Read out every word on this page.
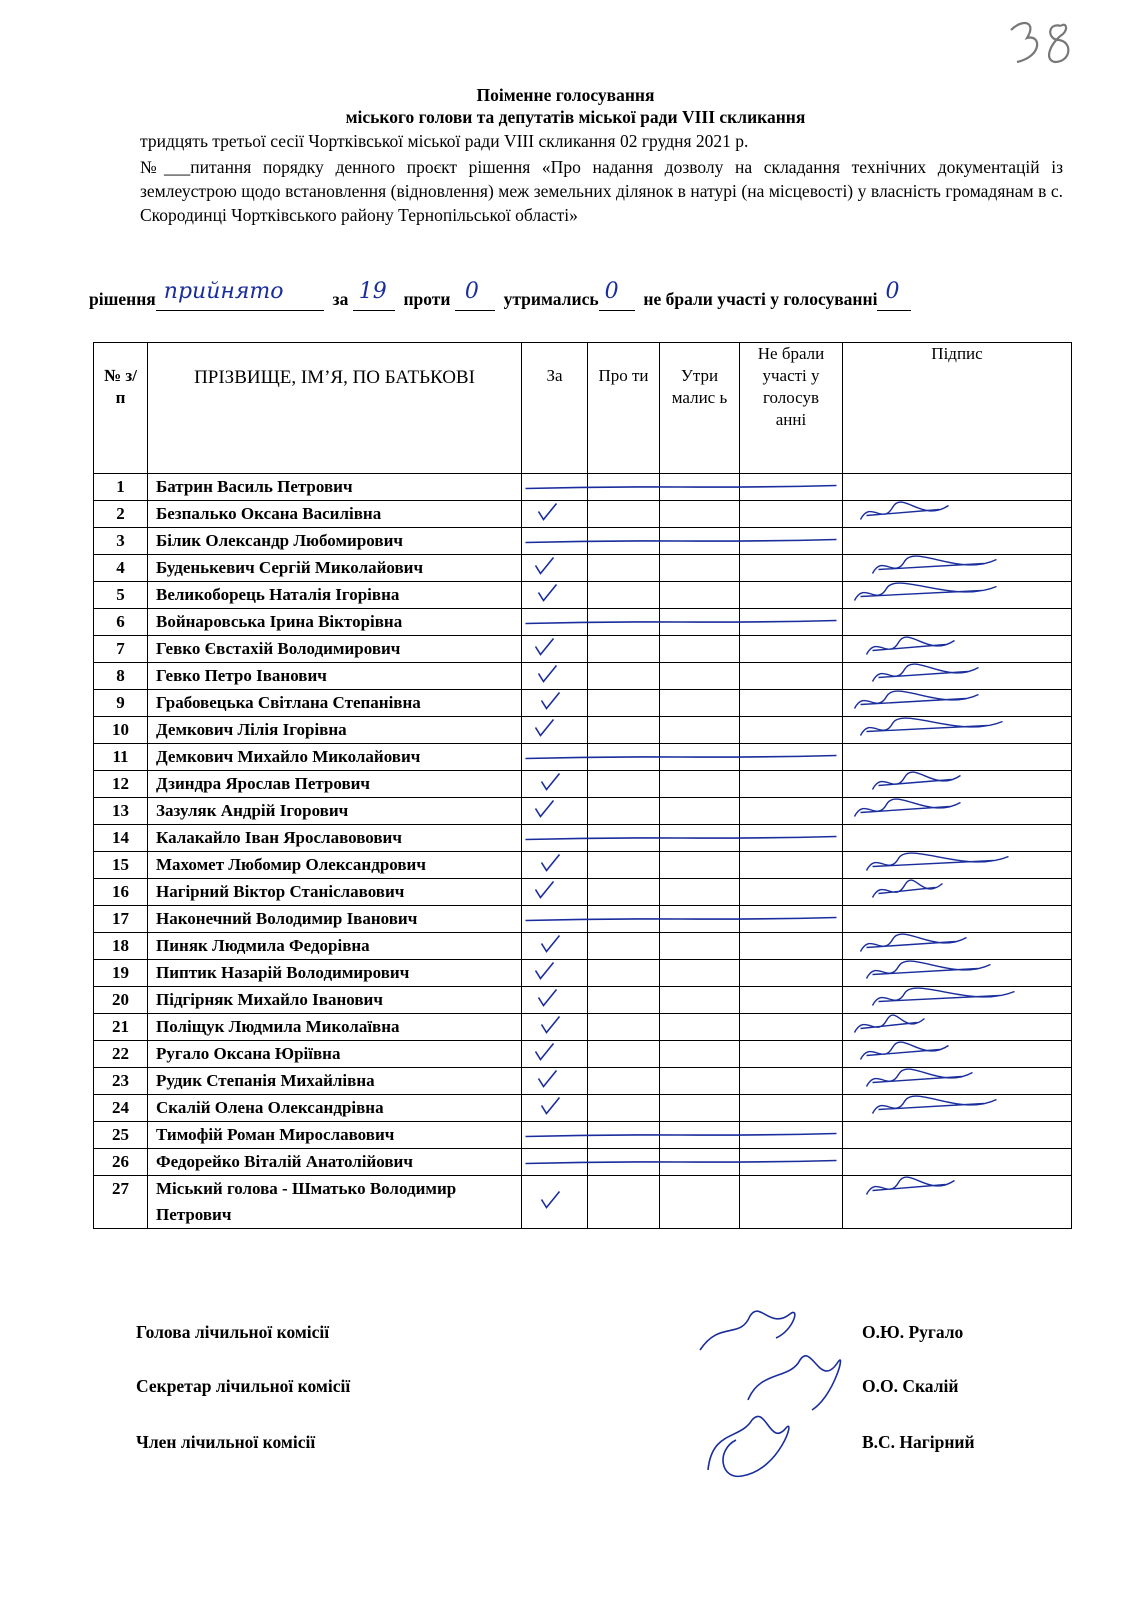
Поіменне голосування
міського голови та депутатів міської ради VIII скликання
тридцять третьої сесії Чортківської міської ради VIII скликання 02 грудня 2021 р.
№___питання порядку денного проєкт рішення «Про надання дозволу на складання технічних документацій із землеустрою щодо встановлення (відновлення) меж земельних ділянок в натурі (на місцевості) у власність громадянам в с. Скородинці Чортківського району Тернопільської області»
рішення прийнято	за 19 проти 0 утримались 0 не брали участі у голосуванні 0
№ з/п	ПРІЗВИЩЕ, ІМ’Я, ПО БАТЬКОВІ	За	Про ти	Утри малис ь	Не брали участі у голосув анні	Підпис

1	Батрин Василь Петрович					
2	Безпалько Оксана Василівна					
3	Білик Олександр Любомирович					
4	Буденькевич Сергій Миколайович					
5	Великоборець Наталія Ігорівна					
6	Войнаровська Ірина Вікторівна					
7	Гевко Євстахій Володимирович					
8	Гевко Петро Іванович					
9	Грабовецька Світлана Степанівна					
10	Демкович Лілія Ігорівна					
11	Демкович Михайло Миколайович					
12	Дзиндра Ярослав Петрович					
13	Зазуляк Андрій Ігорович					
14	Калакайло Іван Ярославовович					
15	Махомет Любомир Олександрович					
16	Нагірний Віктор Станіславович					
17	Наконечний Володимир Іванович					
18	Пиняк Людмила Федорівна					
19	Пиптик Назарій Володимирович					
20	Підгірняк Михайло Іванович					
21	Поліщук Людмила Миколаївна					
22	Ругало Оксана Юріївна					
23	Рудик Степанія Михайлівна					
24	Скалій Олена Олександрівна					
25	Тимофій Роман Мирославович					
26	Федорейко Віталій Анатолійович					
27	Міський голова - Шматько Володимир Петрович					
Голова лічильної комісії	О.Ю. Ругало
Секретар лічильної комісії	О.О. Скалій
Член лічильної комісії	В.С. Нагірний
